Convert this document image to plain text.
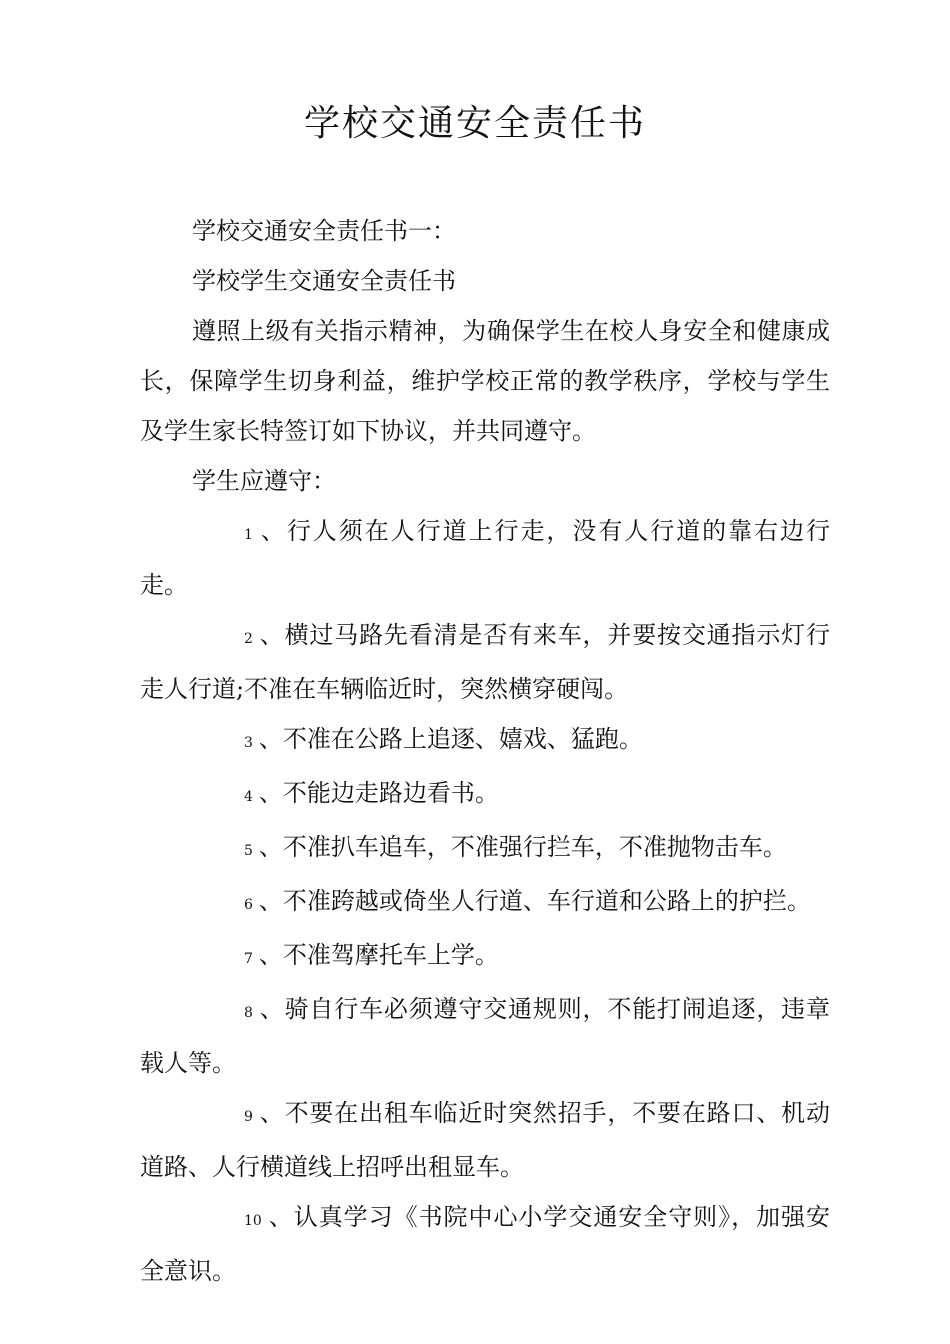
学校交通安全责任书

学校交通安全责任书一：

学校学生交通安全责任书

遵照上级有关指示精神，为确保学生在校人身安全和健康成长，保障学生切身利益，维护学校正常的教学秩序，学校与学生及学生家长特签订如下协议，并共同遵守。

学生应遵守：

1 、行人须在人行道上行走，没有人行道的靠右边行走。

2 、横过马路先看清是否有来车，并要按交通指示灯行走人行道;不准在车辆临近时，突然横穿硬闯。

3 、不准在公路上追逐、嬉戏、猛跑。

4 、不能边走路边看书。

5 、不准扒车追车，不准强行拦车，不准抛物击车。

6 、不准跨越或倚坐人行道、车行道和公路上的护拦。

7 、不准驾摩托车上学。

8 、骑自行车必须遵守交通规则，不能打闹追逐，违章载人等。

9 、不要在出租车临近时突然招手，不要在路口、机动道路、人行横道线上招呼出租显车。

10 、认真学习《书院中心小学交通安全守则》，加强安全意识。
